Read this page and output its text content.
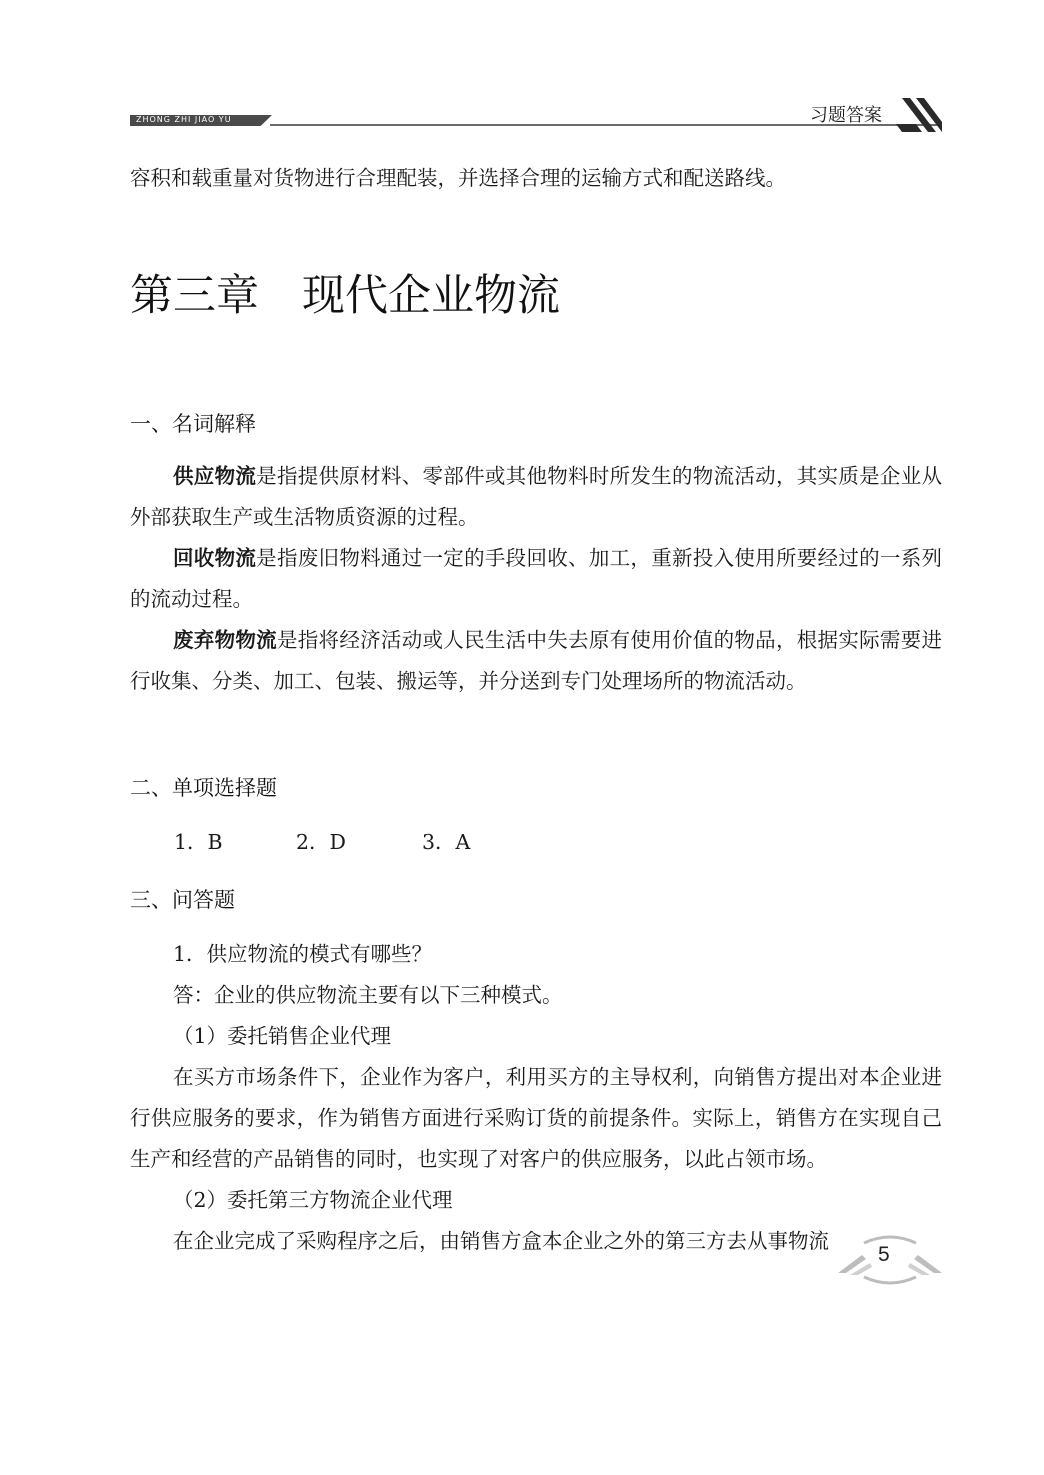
ZHONG ZHI JIAO YU	习题答案
容积和载重量对货物进行合理配装，并选择合理的运输方式和配送路线。
第三章　现代企业物流
一、名词解释

供应物流是指提供原材料、零部件或其他物料时所发生的物流活动，其实质是企业从外部获取生产或生活物质资源的过程。

回收物流是指废旧物料通过一定的手段回收、加工，重新投入使用所要经过的一系列的流动过程。

废弃物物流是指将经济活动或人民生活中失去原有使用价值的物品，根据实际需要进行收集、分类、加工、包装、搬运等，并分送到专门处理场所的物流活动。

二、单项选择题
1．B	2．D	3．A
三、问答题

1．供应物流的模式有哪些？

答：企业的供应物流主要有以下三种模式。

（1）委托销售企业代理

在买方市场条件下，企业作为客户，利用买方的主导权利，向销售方提出对本企业进行供应服务的要求，作为销售方面进行采购订货的前提条件。实际上，销售方在实现自己生产和经营的产品销售的同时，也实现了对客户的供应服务，以此占领市场。

（2）委托第三方物流企业代理

在企业完成了采购程序之后，由销售方盒本企业之外的第三方去从事物流

5
